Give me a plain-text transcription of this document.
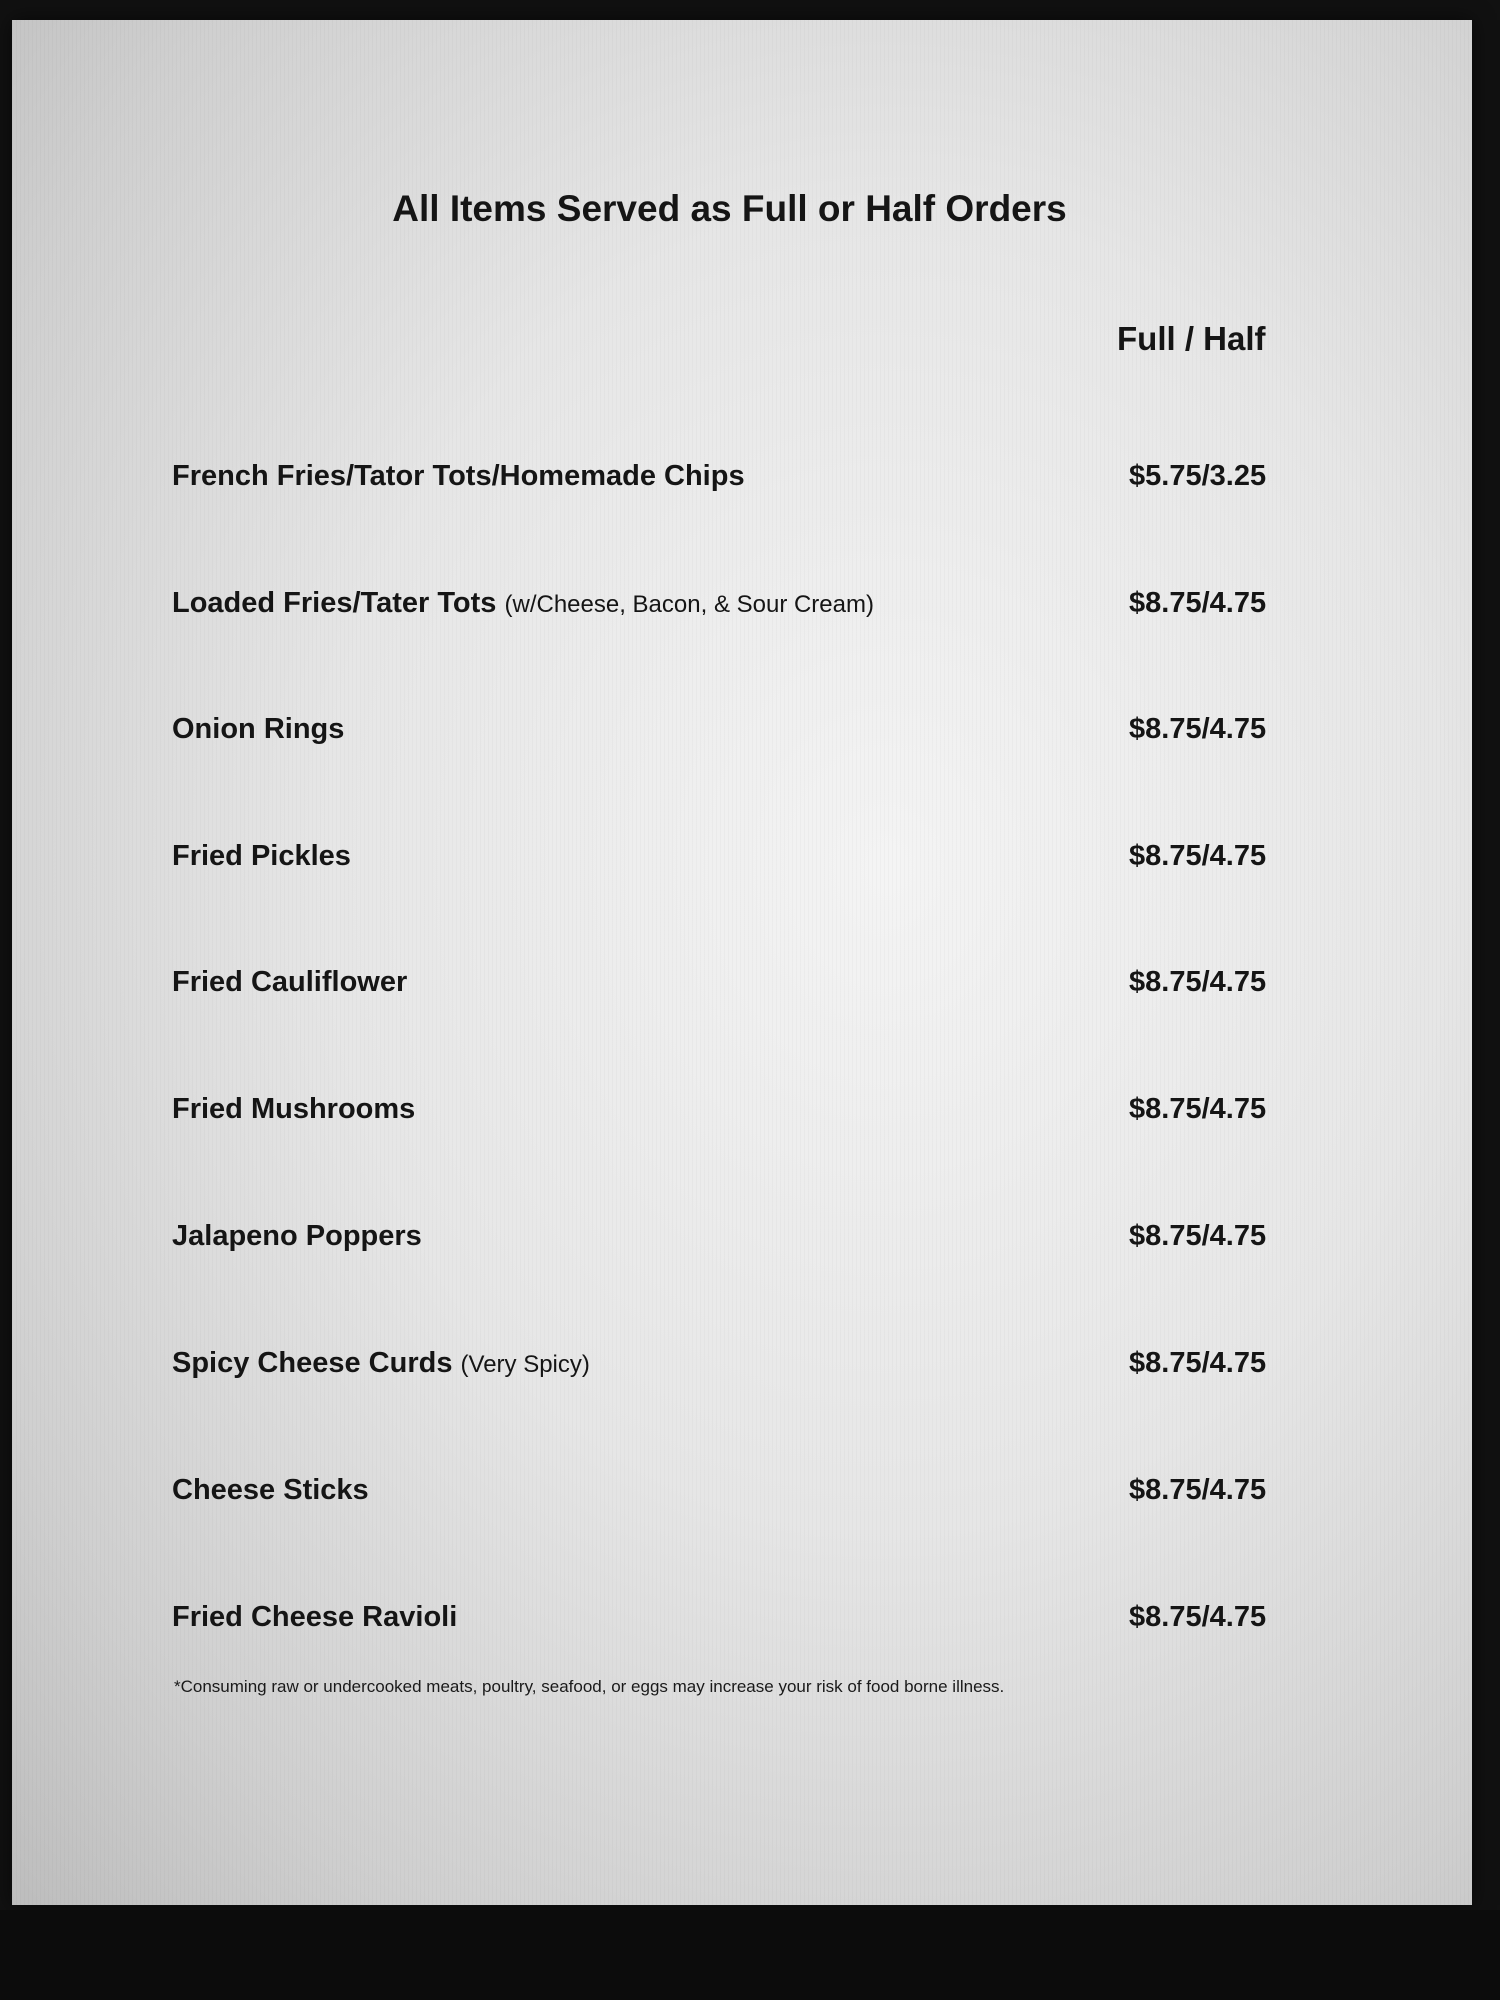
All Items Served as Full or Half Orders
Full / Half
French Fries/Tator Tots/Homemade Chips	$5.75/3.25
Loaded Fries/Tater Tots (w/Cheese, Bacon, & Sour Cream)	$8.75/4.75
Onion Rings	$8.75/4.75
Fried Pickles	$8.75/4.75
Fried Cauliflower	$8.75/4.75
Fried Mushrooms	$8.75/4.75
Jalapeno Poppers	$8.75/4.75
Spicy Cheese Curds (Very Spicy)	$8.75/4.75
Cheese Sticks	$8.75/4.75
Fried Cheese Ravioli	$8.75/4.75
*Consuming raw or undercooked meats, poultry, seafood, or eggs may increase your risk of food borne illness.
